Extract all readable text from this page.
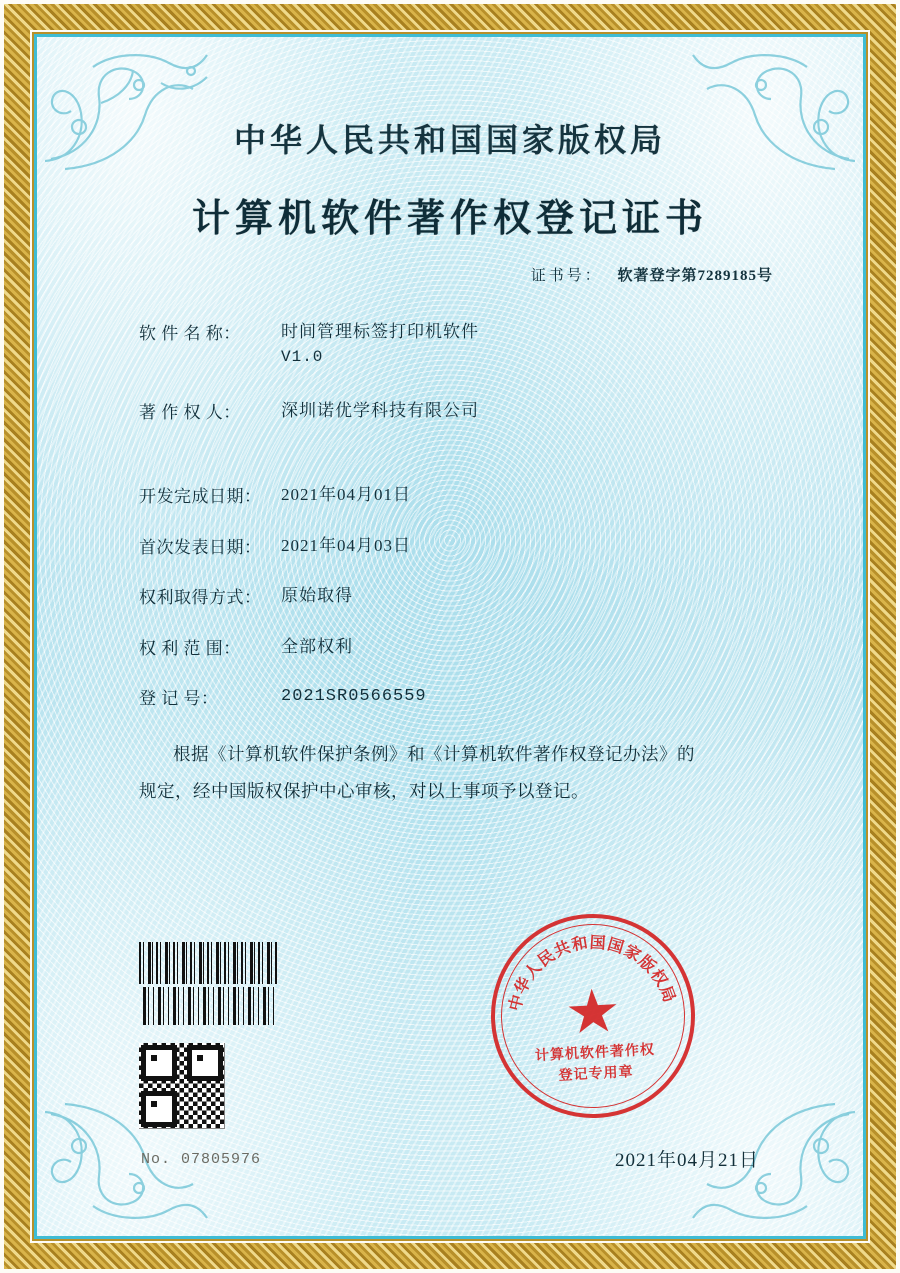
中华人民共和国国家版权局
计算机软件著作权登记证书
证书号： 软著登字第7289185号
软 件 名 称：	时间管理标签打印机软件
V1.0
著 作 权 人：	深圳诺优学科技有限公司
开发完成日期：	2021年04月01日
首次发表日期：	2021年04月03日
权利取得方式：	原始取得
权 利 范 围：	全部权利
登 记 号：	2021SR0566559

根据《计算机软件保护条例》和《计算机软件著作权登记办法》的

规定，经中国版权保护中心审核，对以上事项予以登记。

中华人民共和国国家版权局
计算机软件著作权
登记专用章
No. 07805976	2021年04月21日
